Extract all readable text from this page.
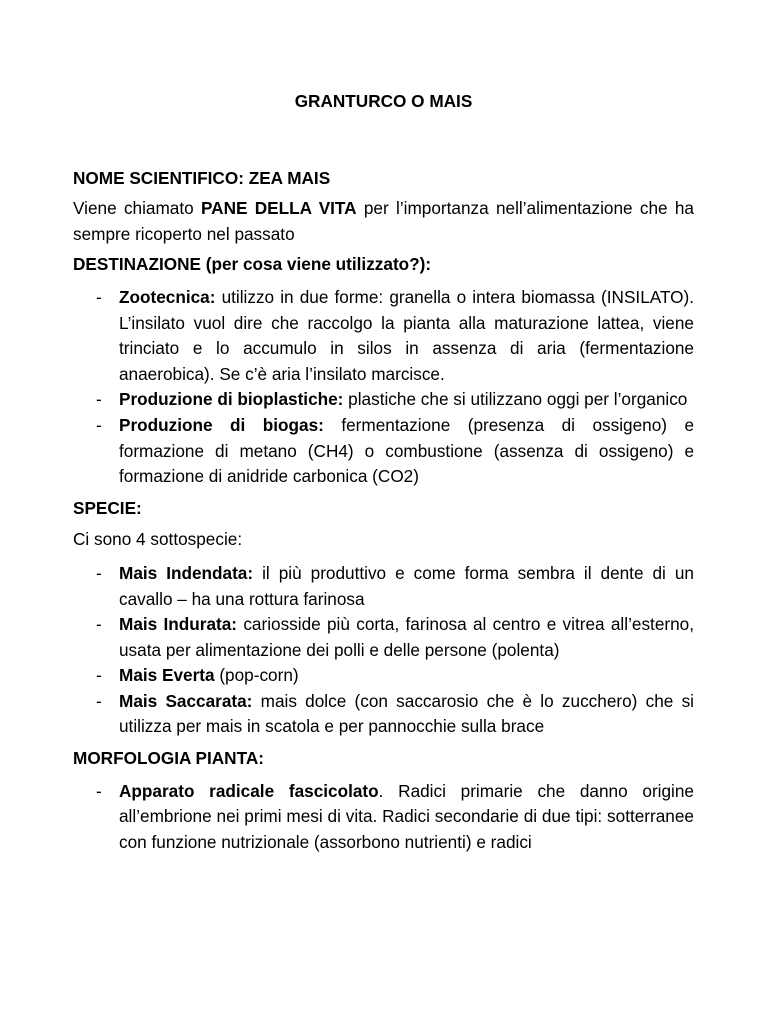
GRANTURCO O MAIS

NOME SCIENTIFICO: ZEA MAIS

Viene chiamato PANE DELLA VITA per l’importanza nell’alimentazione che ha sempre ricoperto nel passato

DESTINAZIONE (per cosa viene utilizzato?):

- Zootecnica: utilizzo in due forme: granella o intera biomassa (INSILATO). L’insilato vuol dire che raccolgo la pianta alla maturazione lattea, viene trinciato e lo accumulo in silos in assenza di aria (fermentazione anaerobica). Se c’è aria l’insilato marcisce.
- Produzione di bioplastiche: plastiche che si utilizzano oggi per l’organico
- Produzione di biogas: fermentazione (presenza di ossigeno) e formazione di metano (CH4) o combustione (assenza di ossigeno) e formazione di anidride carbonica (CO2)

SPECIE:

Ci sono 4 sottospecie:

- Mais Indendata: il più produttivo e come forma sembra il dente di un cavallo – ha una rottura farinosa
- Mais Indurata: cariosside più corta, farinosa al centro e vitrea all’esterno, usata per alimentazione dei polli e delle persone (polenta)
- Mais Everta (pop-corn)
- Mais Saccarata: mais dolce (con saccarosio che è lo zucchero) che si utilizza per mais in scatola e per pannocchie sulla brace

MORFOLOGIA PIANTA:

- Apparato radicale fascicolato. Radici primarie che danno origine all’embrione nei primi mesi di vita. Radici secondarie di due tipi: sotterranee con funzione nutrizionale (assorbono nutrienti) e radici
